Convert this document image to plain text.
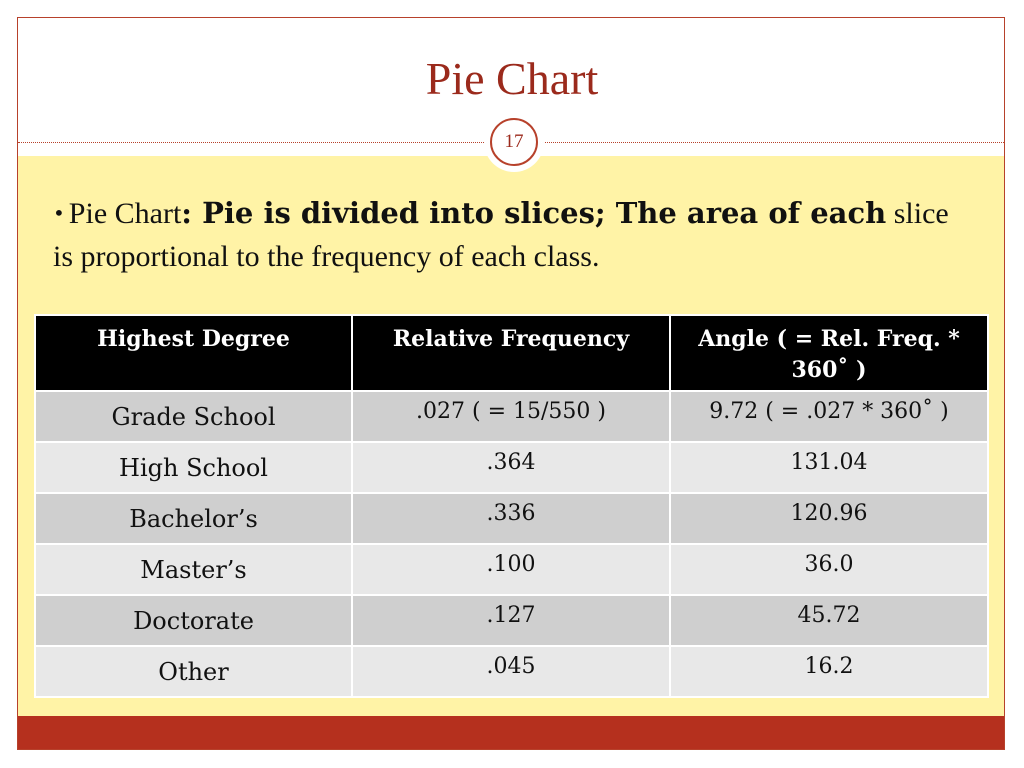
Pie Chart
17
• Pie Chart: Pie is divided into slices; The area of each slice is proportional to the frequency of each class.
Highest Degree	Relative Frequency	Angle ( = Rel. Freq. * 360˚ )
Grade School	.027 ( = 15/550 )	9.72 ( = .027 * 360˚ )
High School	.364	131.04
Bachelor’s	.336	120.96
Master’s	.100	36.0
Doctorate	.127	45.72
Other	.045	16.2
